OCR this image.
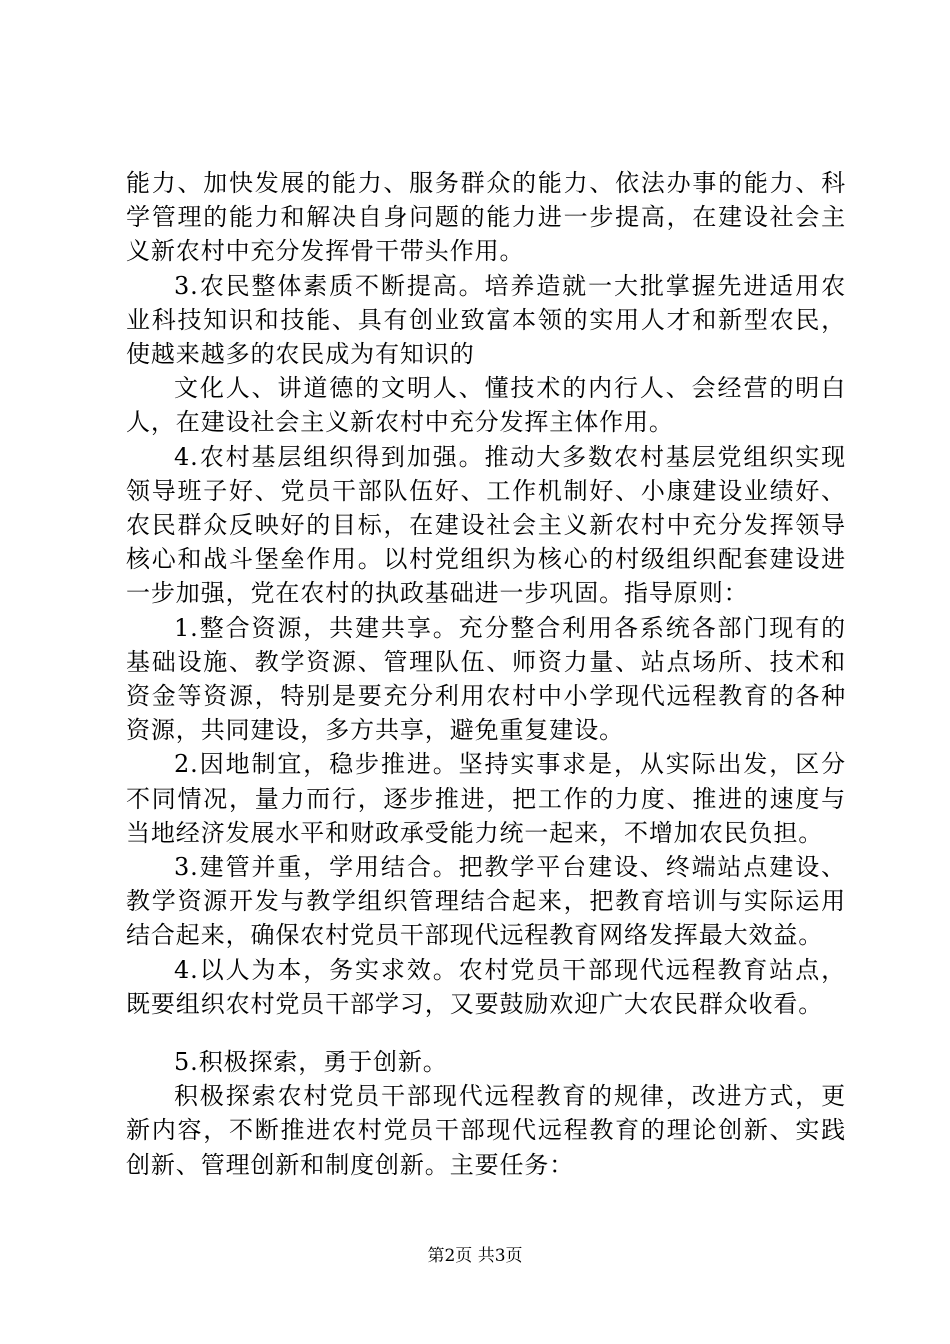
能力、加快发展的能力、服务群众的能力、依法办事的能力、科学管理的能力和解决自身问题的能力进一步提高，在建设社会主义新农村中充分发挥骨干带头作用。

3.农民整体素质不断提高。培养造就一大批掌握先进适用农业科技知识和技能、具有创业致富本领的实用人才和新型农民，使越来越多的农民成为有知识的

文化人、讲道德的文明人、懂技术的内行人、会经营的明白人，在建设社会主义新农村中充分发挥主体作用。

4.农村基层组织得到加强。推动大多数农村基层党组织实现领导班子好、党员干部队伍好、工作机制好、小康建设业绩好、农民群众反映好的目标，在建设社会主义新农村中充分发挥领导核心和战斗堡垒作用。以村党组织为核心的村级组织配套建设进一步加强，党在农村的执政基础进一步巩固。指导原则：

1.整合资源，共建共享。充分整合利用各系统各部门现有的基础设施、教学资源、管理队伍、师资力量、站点场所、技术和资金等资源，特别是要充分利用农村中小学现代远程教育的各种资源，共同建设，多方共享，避免重复建设。

2.因地制宜，稳步推进。坚持实事求是，从实际出发，区分不同情况，量力而行，逐步推进，把工作的力度、推进的速度与当地经济发展水平和财政承受能力统一起来，不增加农民负担。

3.建管并重，学用结合。把教学平台建设、终端站点建设、教学资源开发与教学组织管理结合起来，把教育培训与实际运用结合起来，确保农村党员干部现代远程教育网络发挥最大效益。

4.以人为本，务实求效。农村党员干部现代远程教育站点，既要组织农村党员干部学习，又要鼓励欢迎广大农民群众收看。

5.积极探索，勇于创新。

积极探索农村党员干部现代远程教育的规律，改进方式，更新内容，不断推进农村党员干部现代远程教育的理论创新、实践创新、管理创新和制度创新。主要任务：

第2页 共3页
